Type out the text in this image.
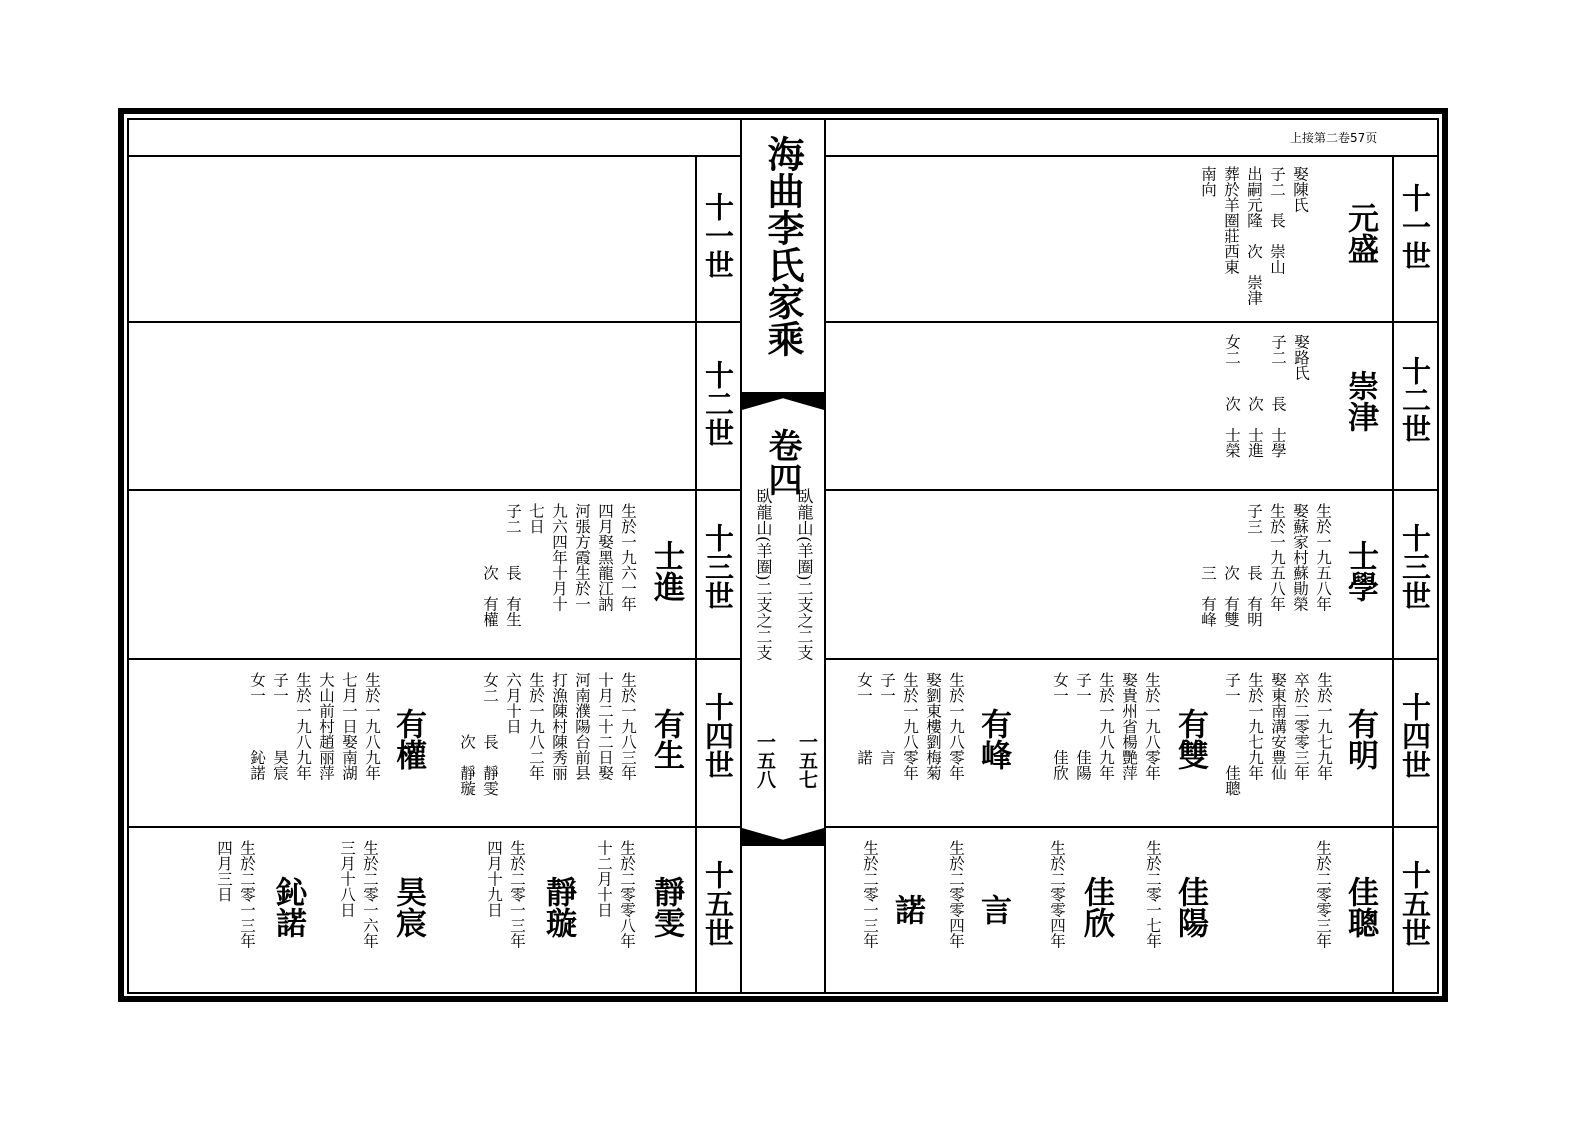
上接第二卷57页
海曲李氏家乘
卷四
臥龍山(羊圈)二支之二支
臥龍山(羊圈)二支之二支
一五七
一五八
十一世
十二世
十三世
十四世
十五世
十一世
十二世
十三世
十四世
十五世
元盛
娶陳氏
子二　長　崇山
出嗣元隆　次　崇津
葬於羊圈莊西東
南向
崇津
娶路氏
子二　　長　士學
　　　　次　士進
女二　　次　士榮
士學
生於一九五八年
娶蘇家村蘇勛榮
生於一九五八年
子三　　長　有明
　　　　次　有雙
　　　　三　有峰
有明
生於一九七九年
卒於二零零三年
娶東南溝安豊仙
生於一九七九年
子一　　　　佳聰
有雙
生於一九八零年
娶貴州省楊艷萍
生於一九八九年
子一　　　佳陽
女一　　　佳欣
有峰
生於一九八零年
娶劉東樓劉梅菊
生於一九八零年
子一　　　言
女一　　　諾
佳聰
生於二零零三年
佳陽
生於二零一七年
佳欣
生於二零零四年
言
生於二零零四年
諾
生於二零一三年
士進
生於一九六一年
四月娶黑龍江訥
河張方霞生於一
九六四年十月十
七日
子二　　長　有生
　　　　次　有權
有生
生於一九八三年
十月二十二日娶
河南濮陽台前县
打漁陳村陳秀丽
生於一九八二年
六月十日
女二　　長　靜雯
　　　　次　靜璇
有權
生於一九八九年
七月一日娶南湖
大山前村趙丽萍
生於一九八九年
子一　　　昊宸
女一　　　鈊諾
靜雯
生於二零零八年
十二月十日
靜璇
生於二零一三年
四月十九日
昊宸
生於二零一六年
三月十八日
鈊諾
生於二零一三年
四月三日
